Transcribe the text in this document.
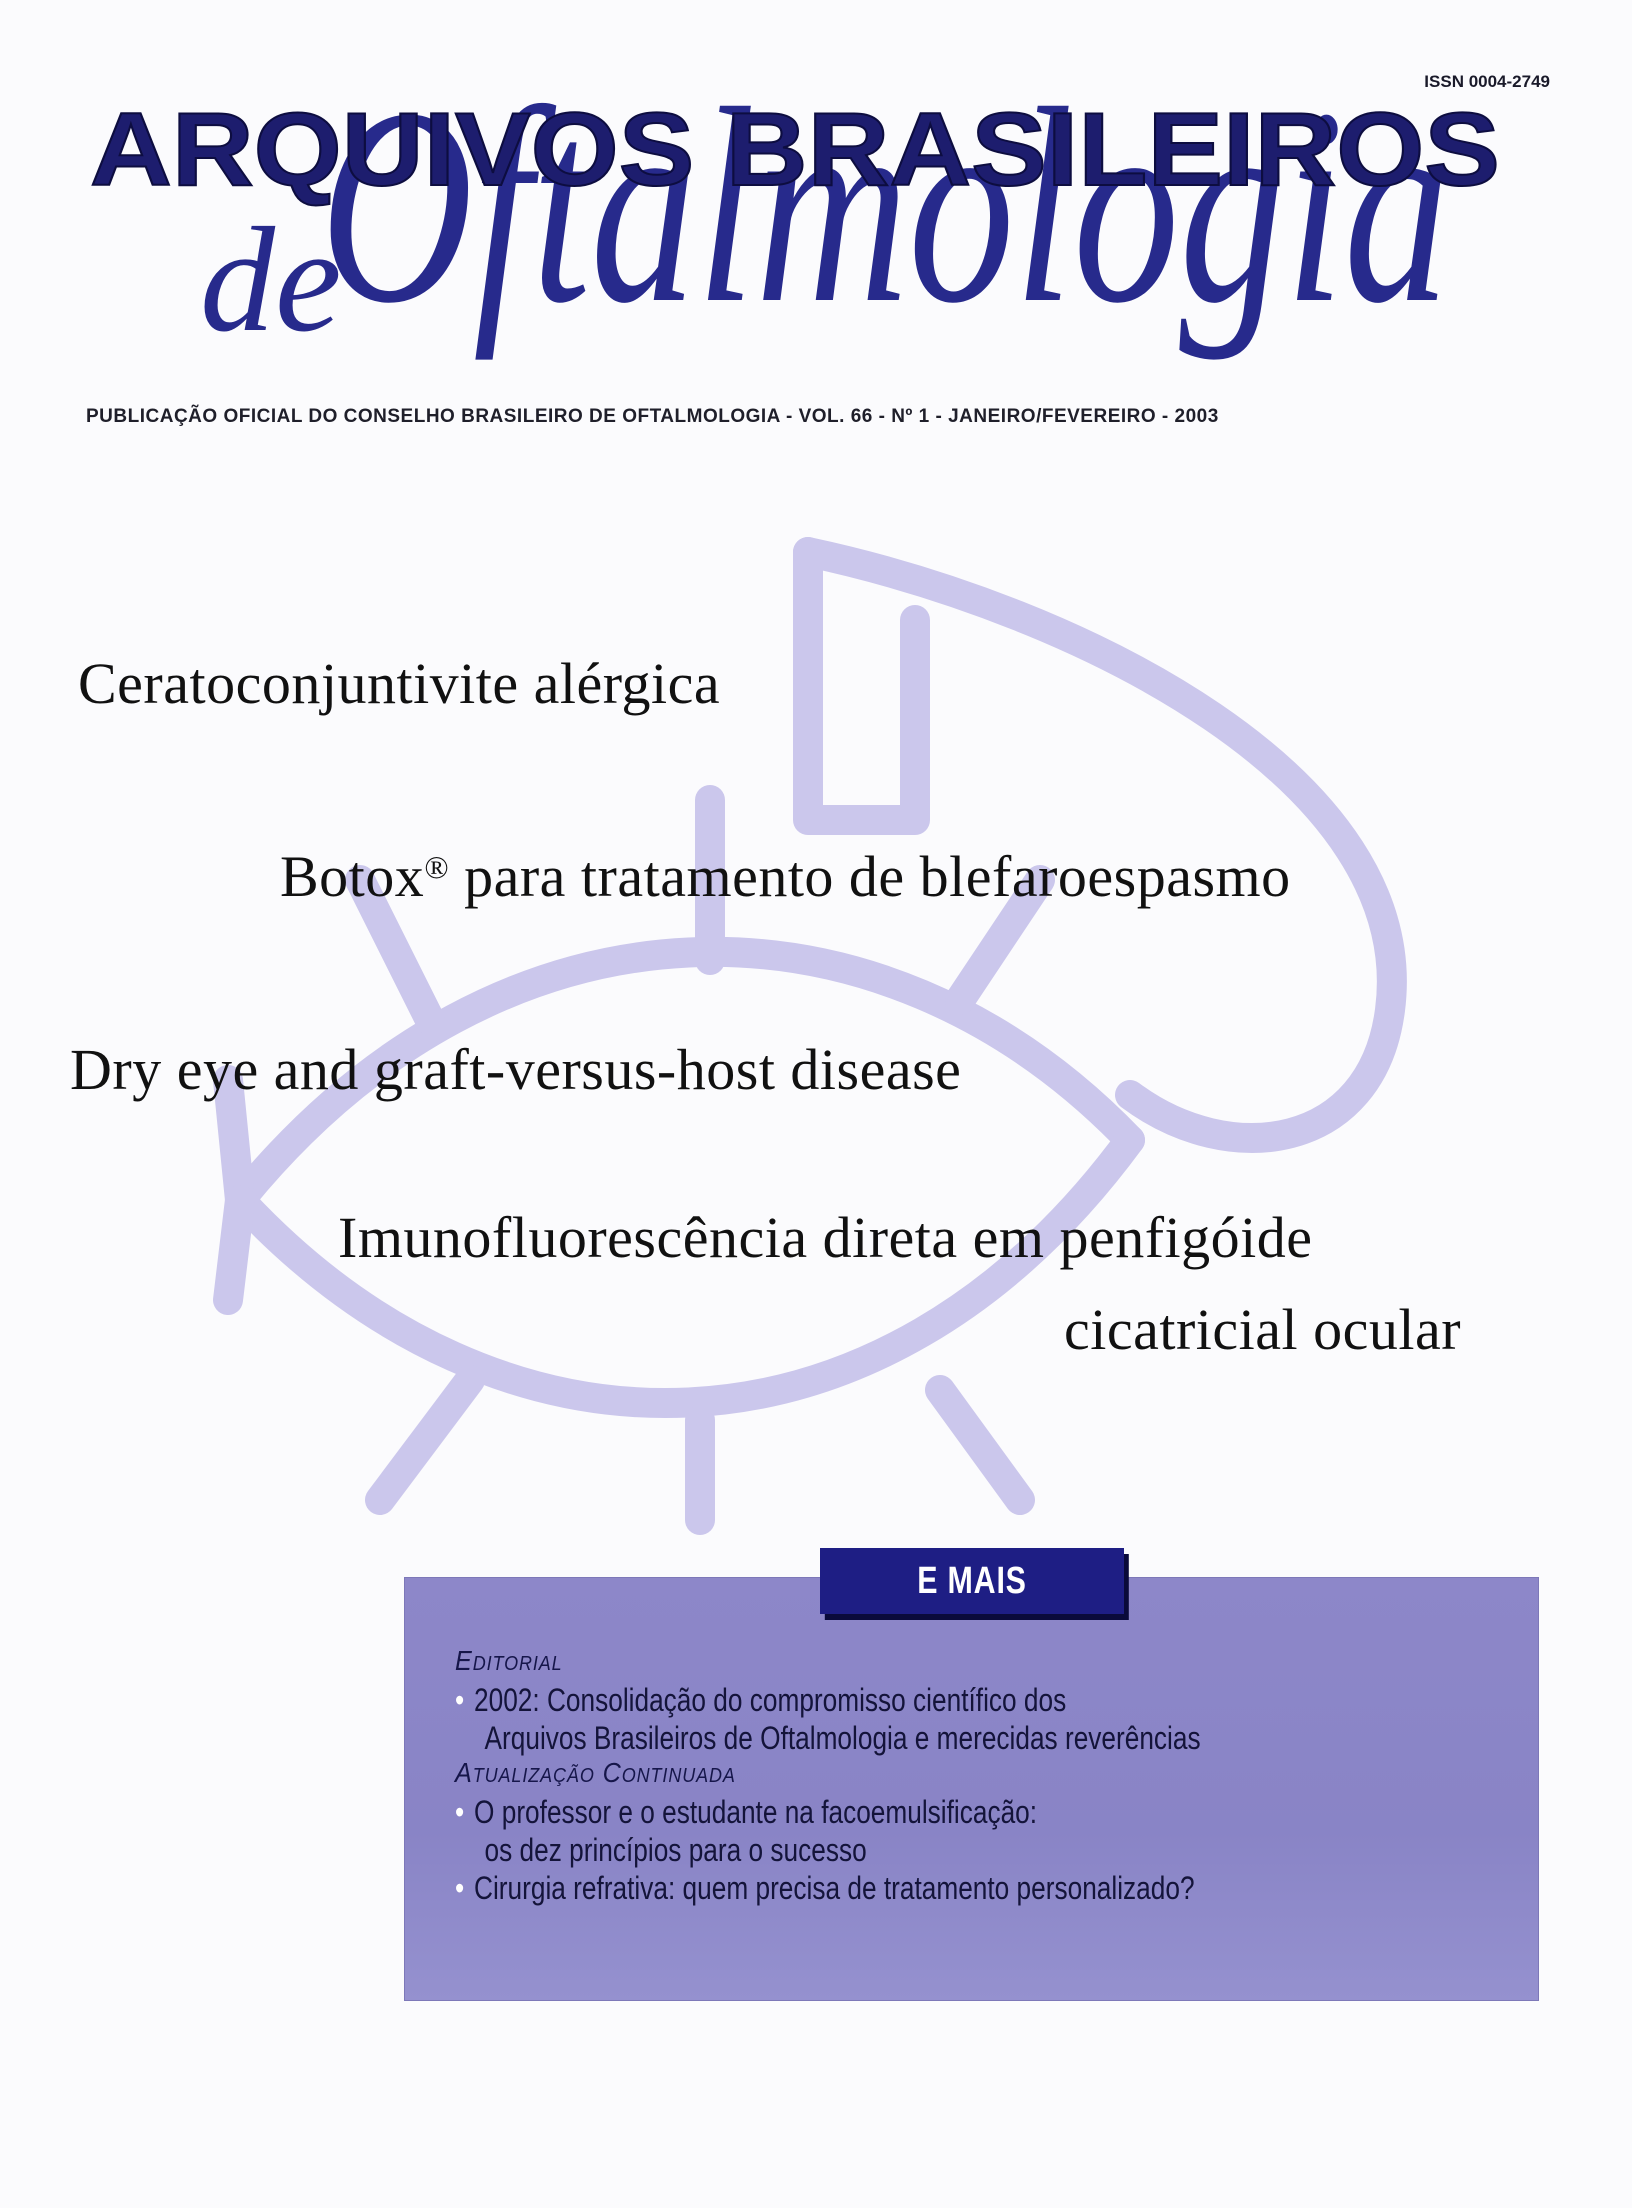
Oftalmologia
de
ARQUIVOS BRASILEIROS
ISSN 0004-2749
PUBLICAÇÃO OFICIAL DO CONSELHO BRASILEIRO DE OFTALMOLOGIA - VOL. 66 - Nº 1 - JANEIRO/FEVEREIRO - 2003
Ceratoconjuntivite alérgica
Botox® para tratamento de blefaroespasmo
Dry eye and graft-versus-host disease
Imunofluorescência direta em penfigóide
cicatricial ocular
E MAIS
Editorial
• 2002: Consolidação do compromisso científico dos
Arquivos Brasileiros de Oftalmologia e merecidas reverências
Atualização Continuada
• O professor e o estudante na facoemulsificação:
os dez princípios para o sucesso
• Cirurgia refrativa: quem precisa de tratamento personalizado?
